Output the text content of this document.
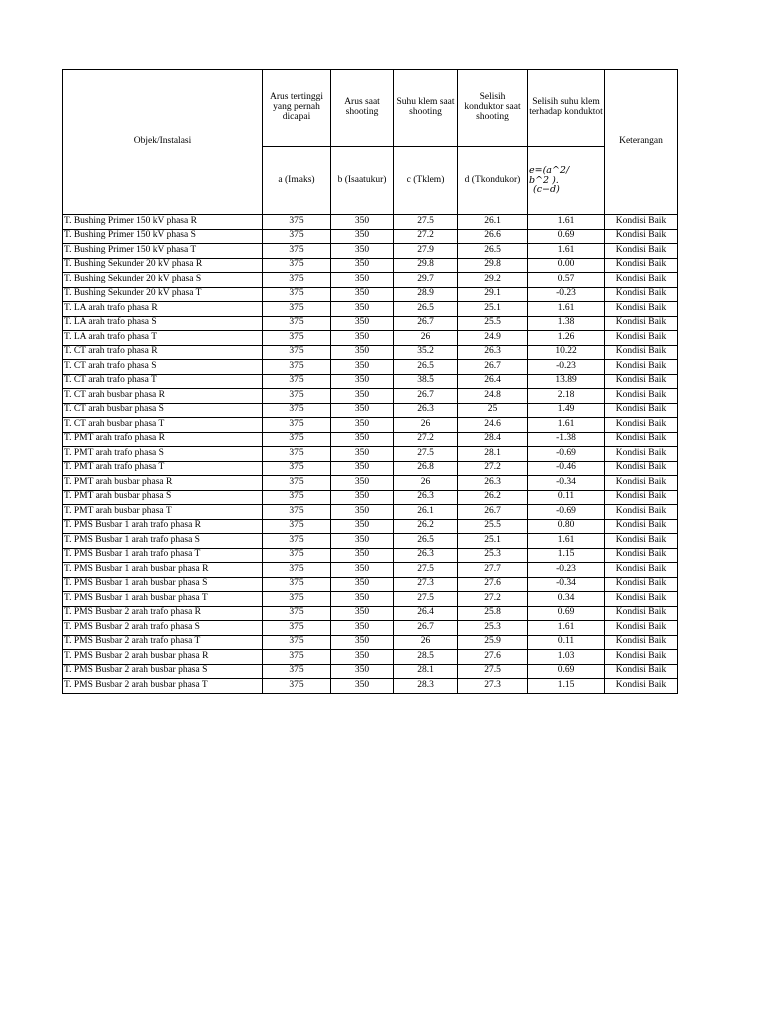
Objek/Instalasi	Arus tertinggi yang pernah dicapai	Arus saat shooting	Suhu klem saat shooting	Selisih konduktor saat shooting	Selisih suhu klem terhadap konduktot	Keterangan
	a (Imaks)	b (Isaatukur)	c (Tklem)	d (Tkondukor)	e=(a^2/
b^2 ).
(c−d)	

T. Bushing Primer 150 kV phasa R	375	350	27.5	26.1	1.61	Kondisi Baik
T. Bushing Primer 150 kV phasa S	375	350	27.2	26.6	0.69	Kondisi Baik
T. Bushing Primer 150 kV phasa T	375	350	27.9	26.5	1.61	Kondisi Baik
T. Bushing Sekunder 20 kV phasa R	375	350	29.8	29.8	0.00	Kondisi Baik
T. Bushing Sekunder 20 kV phasa S	375	350	29.7	29.2	0.57	Kondisi Baik
T. Bushing Sekunder 20 kV phasa T	375	350	28.9	29.1	-0.23	Kondisi Baik
T. LA arah trafo phasa R	375	350	26.5	25.1	1.61	Kondisi Baik
T. LA arah trafo phasa S	375	350	26.7	25.5	1.38	Kondisi Baik
T. LA arah trafo phasa T	375	350	26	24.9	1.26	Kondisi Baik
T. CT arah trafo phasa R	375	350	35.2	26.3	10.22	Kondisi Baik
T. CT arah trafo phasa S	375	350	26.5	26.7	-0.23	Kondisi Baik
T. CT arah trafo phasa T	375	350	38.5	26.4	13.89	Kondisi Baik
T. CT arah busbar phasa R	375	350	26.7	24.8	2.18	Kondisi Baik
T. CT arah busbar phasa S	375	350	26.3	25	1.49	Kondisi Baik
T. CT arah busbar phasa T	375	350	26	24.6	1.61	Kondisi Baik
T. PMT arah trafo phasa R	375	350	27.2	28.4	-1.38	Kondisi Baik
T. PMT arah trafo phasa S	375	350	27.5	28.1	-0.69	Kondisi Baik
T. PMT arah trafo phasa T	375	350	26.8	27.2	-0.46	Kondisi Baik
T. PMT arah busbar phasa R	375	350	26	26.3	-0.34	Kondisi Baik
T. PMT arah busbar phasa S	375	350	26.3	26.2	0.11	Kondisi Baik
T. PMT arah busbar phasa T	375	350	26.1	26.7	-0.69	Kondisi Baik
T. PMS Busbar 1 arah trafo phasa R	375	350	26.2	25.5	0.80	Kondisi Baik
T. PMS Busbar 1 arah trafo phasa S	375	350	26.5	25.1	1.61	Kondisi Baik
T. PMS Busbar 1 arah trafo phasa T	375	350	26.3	25.3	1.15	Kondisi Baik
T. PMS Busbar 1 arah busbar phasa R	375	350	27.5	27.7	-0.23	Kondisi Baik
T. PMS Busbar 1 arah busbar phasa S	375	350	27.3	27.6	-0.34	Kondisi Baik
T. PMS Busbar 1 arah busbar phasa T	375	350	27.5	27.2	0.34	Kondisi Baik
T. PMS Busbar 2 arah trafo phasa R	375	350	26.4	25.8	0.69	Kondisi Baik
T. PMS Busbar 2 arah trafo phasa S	375	350	26.7	25.3	1.61	Kondisi Baik
T. PMS Busbar 2 arah trafo phasa T	375	350	26	25.9	0.11	Kondisi Baik
T. PMS Busbar 2 arah busbar phasa R	375	350	28.5	27.6	1.03	Kondisi Baik
T. PMS Busbar 2 arah busbar phasa S	375	350	28.1	27.5	0.69	Kondisi Baik
T. PMS Busbar 2 arah busbar phasa T	375	350	28.3	27.3	1.15	Kondisi Baik
